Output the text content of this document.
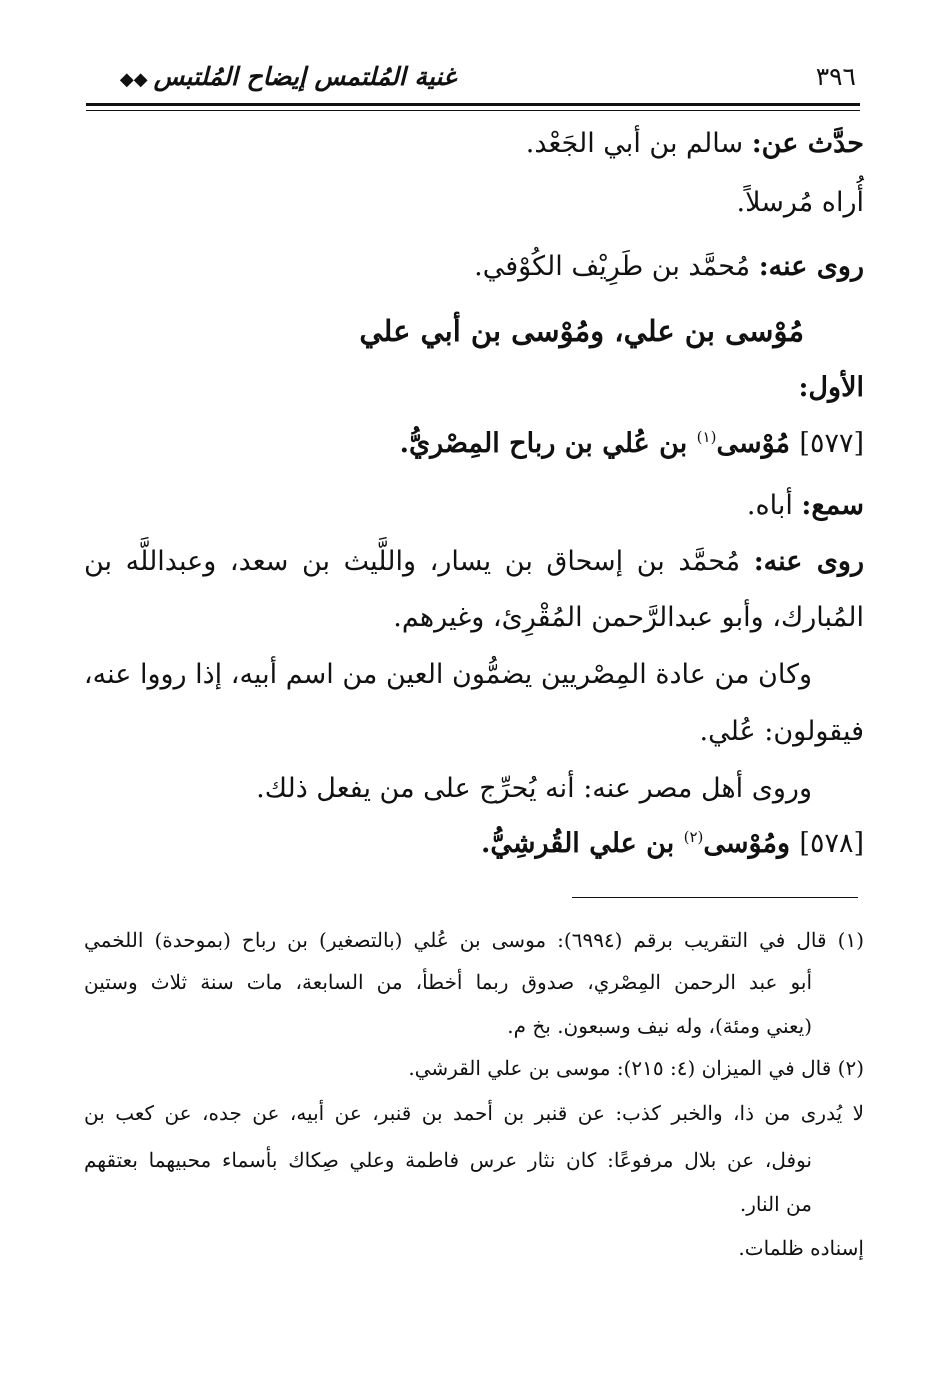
٣٩٦
غنية المُلتمس إيضاح المُلتبس◆◆
حدَّث عن: سالم بن أبي الجَعْد.
أُراه مُرسلاً.
روى عنه: مُحمَّد بن طَرِيْف الكُوْفي.
مُوْسى بن علي، ومُوْسى بن أبي علي
الأول:
[٥٧٧] مُوْسى$^{(١)}$ بن عُلي بن رباح المِصْريُّ.
سمع: أباه.
روى عنه: مُحمَّد بن إسحاق بن يسار، واللَّيث بن سعد، وعبداللَّه بن
المُبارك، وأبو عبدالرَّحمن المُقْرِئ، وغيرهم.
وكان من عادة المِصْريين يضمُّون العين من اسم أبيه، إذا رووا عنه،
فيقولون: عُلي.
وروى أهل مصر عنه: أنه يُحرِّج على من يفعل ذلك.
[٥٧٨] ومُوْسى$^{(٢)}$ بن علي القُرشِيُّ.
(١) قال في التقريب برقم (٦٩٩٤): موسى بن عُلي (بالتصغير) بن رباح (بموحدة) اللخمي
أبو عبد الرحمن المِصْري، صدوق ربما أخطأ، من السابعة، مات سنة ثلاث وستين
(يعني ومئة)، وله نيف وسبعون. بخ م.
(٢) قال في الميزان (٤: ٢١٥): موسى بن علي القرشي.
لا يُدرى من ذا، والخبر كذب: عن قنبر بن أحمد بن قنبر، عن أبيه، عن جده، عن كعب بن
نوفل، عن بلال مرفوعًا: كان نثار عرس فاطمة وعلي صِكاك بأسماء محبيهما بعتقهم
من النار.
إسناده ظلمات.
